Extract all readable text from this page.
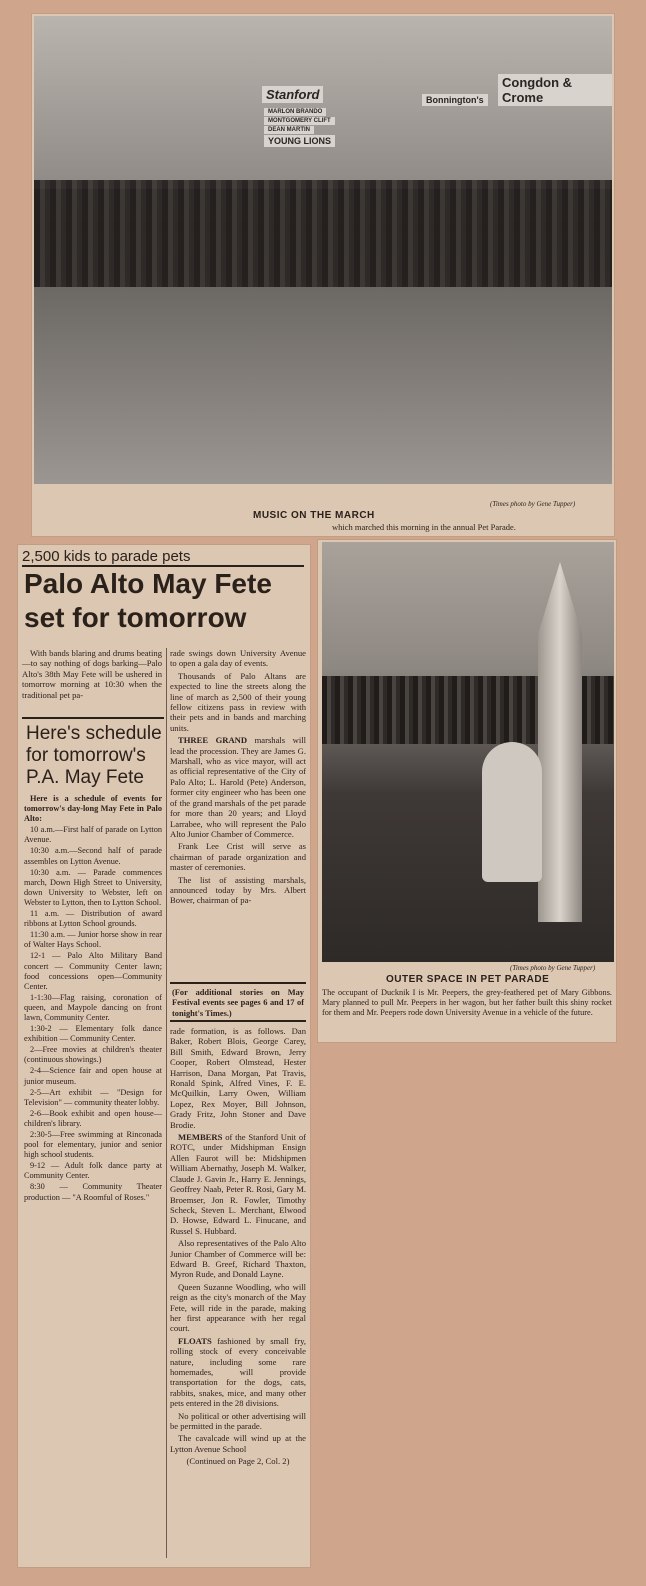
Stanford
MARLON BRANDO
MONTGOMERY CLIFT
DEAN MARTIN
YOUNG LIONS
Bonnington's
Congdon & Crome
(Times photo by Gene Tupper)
MUSIC ON THE MARCH
which marched this morning in the annual Pet Parade.
2,500 kids to parade pets
Palo Alto May Fete
set for tomorrow

With bands blaring and drums beating—to say nothing of dogs barking—Palo Alto's 38th May Fete will be ushered in tomorrow morning at 10:30 when the traditional pet pa-

Here's schedule
for tomorrow's
P.A. May Fete

Here is a schedule of events for tomorrow's day-long May Fete in Palo Alto:

10 a.m.—First half of parade on Lytton Avenue.

10:30 a.m.—Second half of parade assembles on Lytton Avenue.

10:30 a.m. — Parade commences march, Down High Street to University, down University to Webster, left on Webster to Lytton, then to Lytton School.

11 a.m. — Distribution of award ribbons at Lytton School grounds.

11:30 a.m. — Junior horse show in rear of Walter Hays School.

12-1 — Palo Alto Military Band concert — Community Center lawn; food concessions open—Community Center.

1-1:30—Flag raising, coronation of queen, and Maypole dancing on front lawn, Community Center.

1:30-2 — Elementary folk dance exhibition — Community Center.

2—Free movies at children's theater (continuous showings.)

2-4—Science fair and open house at junior museum.

2-5—Art exhibit — "Design for Television" — community theater lobby.

2-6—Book exhibit and open house—children's library.

2:30-5—Free swimming at Rinconada pool for elementary, junior and senior high school students.

9-12 — Adult folk dance party at Community Center.

8:30 — Community Theater production — "A Roomful of Roses."

rade swings down University Avenue to open a gala day of events.

Thousands of Palo Altans are expected to line the streets along the line of march as 2,500 of their young fellow citizens pass in review with their pets and in bands and marching units.

THREE GRAND marshals will lead the procession. They are James G. Marshall, who as vice mayor, will act as official representative of the City of Palo Alto; L. Harold (Pete) Anderson, former city engineer who has been one of the grand marshals of the pet parade for more than 20 years; and Lloyd Larrabee, who will represent the Palo Alto Junior Chamber of Commerce.

Frank Lee Crist will serve as chairman of parade organization and master of ceremonies.

The list of assisting marshals, announced today by Mrs. Albert Bower, chairman of pa-

(For additional stories on May Festival events see pages 6 and 17 of tonight's Times.)

rade formation, is as follows. Dan Baker, Robert Blois, George Carey, Bill Smith, Edward Brown, Jerry Cooper, Robert Olmstead, Hester Harrison, Dana Morgan, Pat Travis, Ronald Spink, Alfred Vines, F. E. McQuilkin, Larry Owen, William Lopez, Rex Moyer, Bill Johnson, Grady Fritz, John Stoner and Dave Brodie.

MEMBERS of the Stanford Unit of ROTC, under Midshipman Ensign Allen Faurot will be: Midshipmen William Abernathy, Joseph M. Walker, Claude J. Gavin Jr., Harry E. Jennings, Geoffrey Naab, Peter R. Rosi, Gary M. Broemser, Jon R. Fowler, Timothy Scheck, Steven L. Merchant, Elwood D. Howse, Edward L. Finucane, and Russel S. Hubbard.

Also representatives of the Palo Alto Junior Chamber of Commerce will be: Edward B. Greef, Richard Thaxton, Myron Rude, and Donald Layne.

Queen Suzanne Woodling, who will reign as the city's monarch of the May Fete, will ride in the parade, making her first appearance with her regal court.

FLOATS fashioned by small fry, rolling stock of every conceivable nature, including some rare homemades, will provide transportation for the dogs, cats, rabbits, snakes, mice, and many other pets entered in the 28 divisions.

No political or other advertising will be permitted in the parade.

The cavalcade will wind up at the Lytton Avenue School

(Continued on Page 2, Col. 2)

(Times photo by Gene Tupper)
OUTER SPACE IN PET PARADE
The occupant of Ducknik I is Mr. Peepers, the grey-feathered pet of Mary Gibbons. Mary planned to pull Mr. Peepers in her wagon, but her father built this shiny rocket for them and Mr. Peepers rode down University Avenue in a vehicle of the future.
